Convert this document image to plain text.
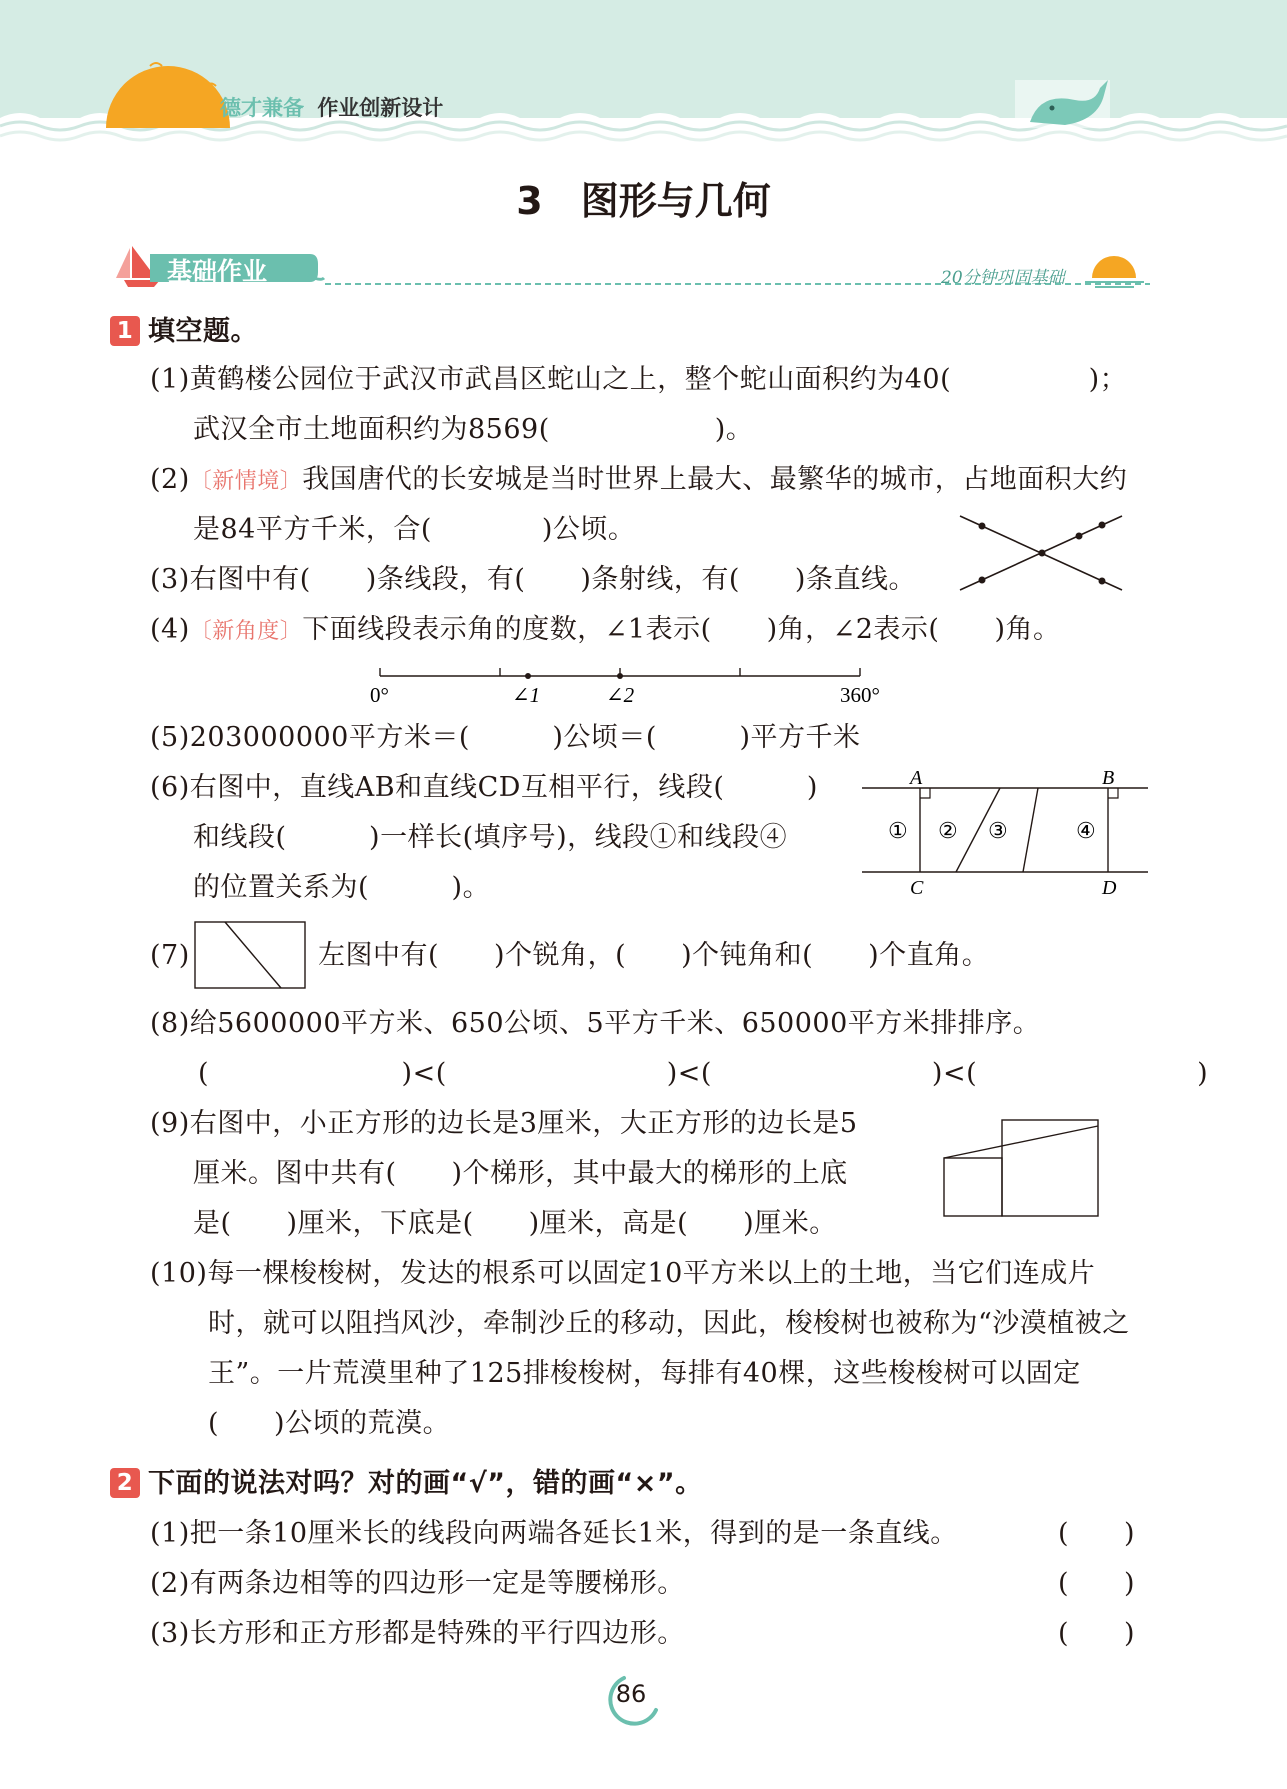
德才兼备 作业创新设计
3　图形与几何
基础作业	20分钟巩固基础
1 填空题。
(1)黄鹤楼公园位于武汉市武昌区蛇山之上，整个蛇山面积约为40(　　　　　)；
武汉全市土地面积约为8569(　　　　　　)。
(2)〔新情境〕我国唐代的长安城是当时世界上最大、最繁华的城市，占地面积大约
是84平方千米，合(　　　　)公顷。
(3)右图中有(　　)条线段，有(　　)条射线，有(　　)条直线。
(4)〔新角度〕下面线段表示角的度数，∠1表示(　　)角，∠2表示(　　)角。
0°	∠1	∠2	360°
(5)203000000平方米＝(　　　)公顷＝(　　　)平方千米
(6)右图中，直线AB和直线CD互相平行，线段(　　　)
和线段(　　　)一样长(填序号)，线段①和线段④
的位置关系为(　　　)。
A	B
C	D
① ② ③	④
(7)	左图中有(　　)个锐角，(　　)个钝角和(　　)个直角。
(8)给5600000平方米、650公顷、5平方千米、650000平方米排排序。
(　　　　　　　)<(　　　　　　　　)<(　　　　　　　　)<(　　　　　　　　)
(9)右图中，小正方形的边长是3厘米，大正方形的边长是5
厘米。图中共有(　　)个梯形，其中最大的梯形的上底
是(　　)厘米，下底是(　　)厘米，高是(　　)厘米。
(10)每一棵梭梭树，发达的根系可以固定10平方米以上的土地，当它们连成片
时，就可以阻挡风沙，牵制沙丘的移动，因此，梭梭树也被称为“沙漠植被之
王”。一片荒漠里种了125排梭梭树，每排有40棵，这些梭梭树可以固定
(　　)公顷的荒漠。
2 下面的说法对吗？对的画“√”，错的画“×”。
(1)把一条10厘米长的线段向两端各延长1米，得到的是一条直线。	(　　)
(2)有两条边相等的四边形一定是等腰梯形。	(　　)
(3)长方形和正方形都是特殊的平行四边形。	(　　)
86
